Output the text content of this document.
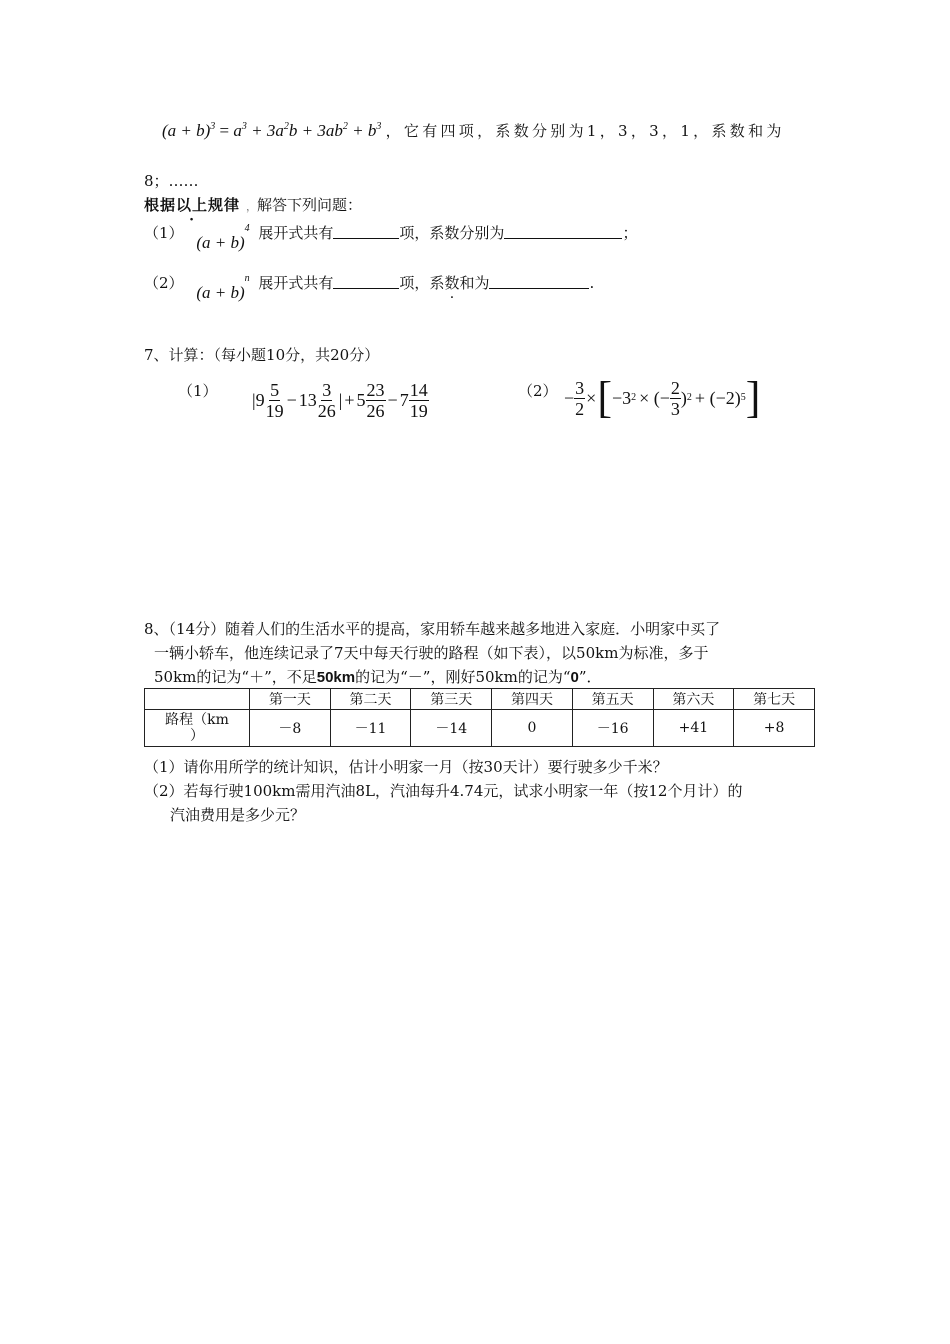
$(a + b)^3 = a^3 + 3a^2b + 3ab^2 + b^3$ ，它有四项，系数分别为1，3，3，1，系数和为
8；……
根据以上规律 · ，解答下列问题：
（1） $(a + b)^4$ 展开式共有	项，系数分别为	；
（2） $(a + b)^n$ 展开式共有	项，系数和为	.
7、计算：（每小题10分，共20分）
（1） | $9 \frac{5}{19} - 13 \frac{3}{26}$ | + $5 \frac{23}{26} - 7 \frac{14}{19}$	$(2) - \frac{3}{2}$ × [ −3 2 × (− $\frac{2}{3}$ ) 2 + (−2) 5 ]
8、（14分）随着人们的生活水平的提高，家用轿车越来越多地进入家庭．小明家中买了
一辆小轿车，他连续记录了7天中每天行驶的路程（如下表），以50km为标准，多于
50km的记为“＋”，不足50km的记为“－”，刚好50km的记为“0”．
	第一天	第二天	第三天	第四天	第五天	第六天	第七天
路程（km
）	－8	－11	－14	0	－16	+41	+8
（1）请你用所学的统计知识，估计小明家一月（按30天计）要行驶多少千米？
（2）若每行驶100km需用汽油8L，汽油每升4.74元，试求小明家一年（按12个月计）的
汽油费用是多少元？
